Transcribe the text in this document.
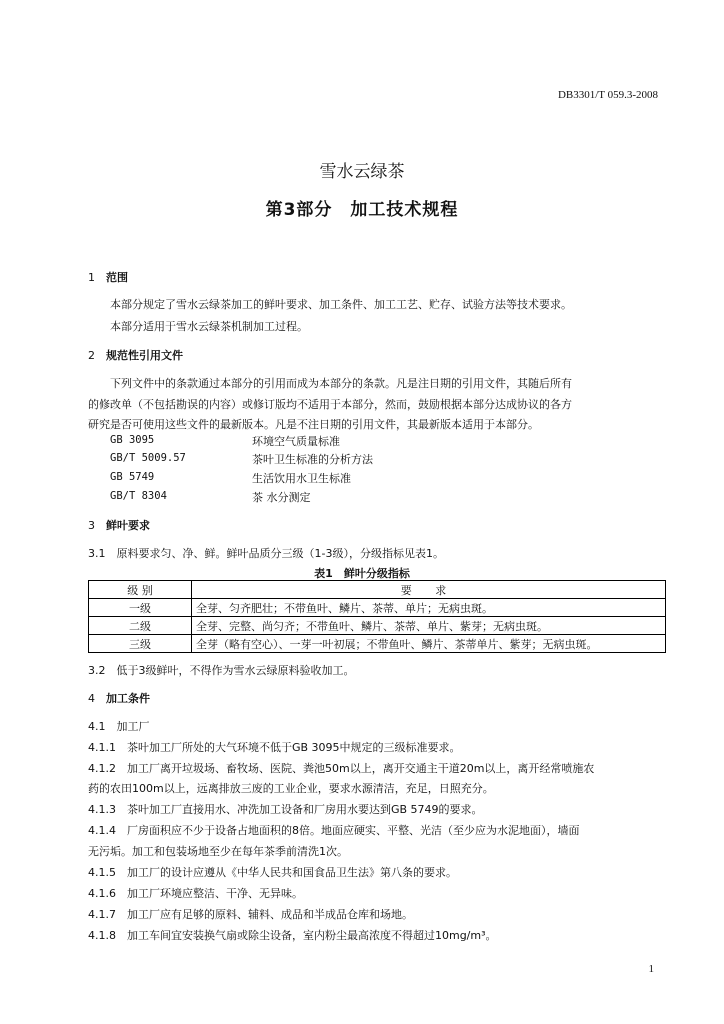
DB3301/T 059.3-2008
雪水云绿茶
第3部分　加工技术规程
1 范围
本部分规定了雪水云绿茶加工的鲜叶要求、加工条件、加工工艺、贮存、试验方法等技术要求。
本部分适用于雪水云绿茶机制加工过程。
2 规范性引用文件
下列文件中的条款通过本部分的引用而成为本部分的条款。凡是注日期的引用文件，其随后所有
的修改单（不包括勘误的内容）或修订版均不适用于本部分，然而，鼓励根据本部分达成协议的各方
研究是否可使用这些文件的最新版本。凡是不注日期的引用文件，其最新版本适用于本部分。
GB 3095	环境空气质量标准
GB/T 5009.57	茶叶卫生标准的分析方法
GB 5749	生活饮用水卫生标准
GB/T 8304	茶 水分测定
3 鲜叶要求
3.1　原料要求匀、净、鲜。鲜叶品质分三级（1-3级），分级指标见表1。
表1　鲜叶分级指标
级 别	要 求
一级	全芽、匀齐肥壮；不带鱼叶、鳞片、茶蒂、单片；无病虫斑。
二级	全芽、完整、尚匀齐；不带鱼叶、鳞片、茶蒂、单片、紫芽；无病虫斑。
三级	全芽（略有空心）、一芽一叶初展；不带鱼叶、鳞片、茶蒂单片、紫芽；无病虫斑。
3.2　低于3级鲜叶，不得作为雪水云绿原料验收加工。
4 加工条件
4.1　加工厂
4.1.1　茶叶加工厂所处的大气环境不低于GB 3095中规定的三级标准要求。
4.1.2　加工厂离开垃圾场、畜牧场、医院、粪池50m以上，离开交通主干道20m以上，离开经常喷施农
药的农田100m以上，远离排放三废的工业企业，要求水源清洁，充足，日照充分。
4.1.3　茶叶加工厂直接用水、冲洗加工设备和厂房用水要达到GB 5749的要求。
4.1.4　厂房面积应不少于设备占地面积的8倍。地面应硬实、平整、光洁（至少应为水泥地面），墙面
无污垢。加工和包装场地至少在每年茶季前清洗1次。
4.1.5　加工厂的设计应遵从《中华人民共和国食品卫生法》第八条的要求。
4.1.6　加工厂环境应整洁、干净、无异味。
4.1.7　加工厂应有足够的原料、辅料、成品和半成品仓库和场地。
4.1.8　加工车间宜安装换气扇或除尘设备，室内粉尘最高浓度不得超过10mg/m³。
1
